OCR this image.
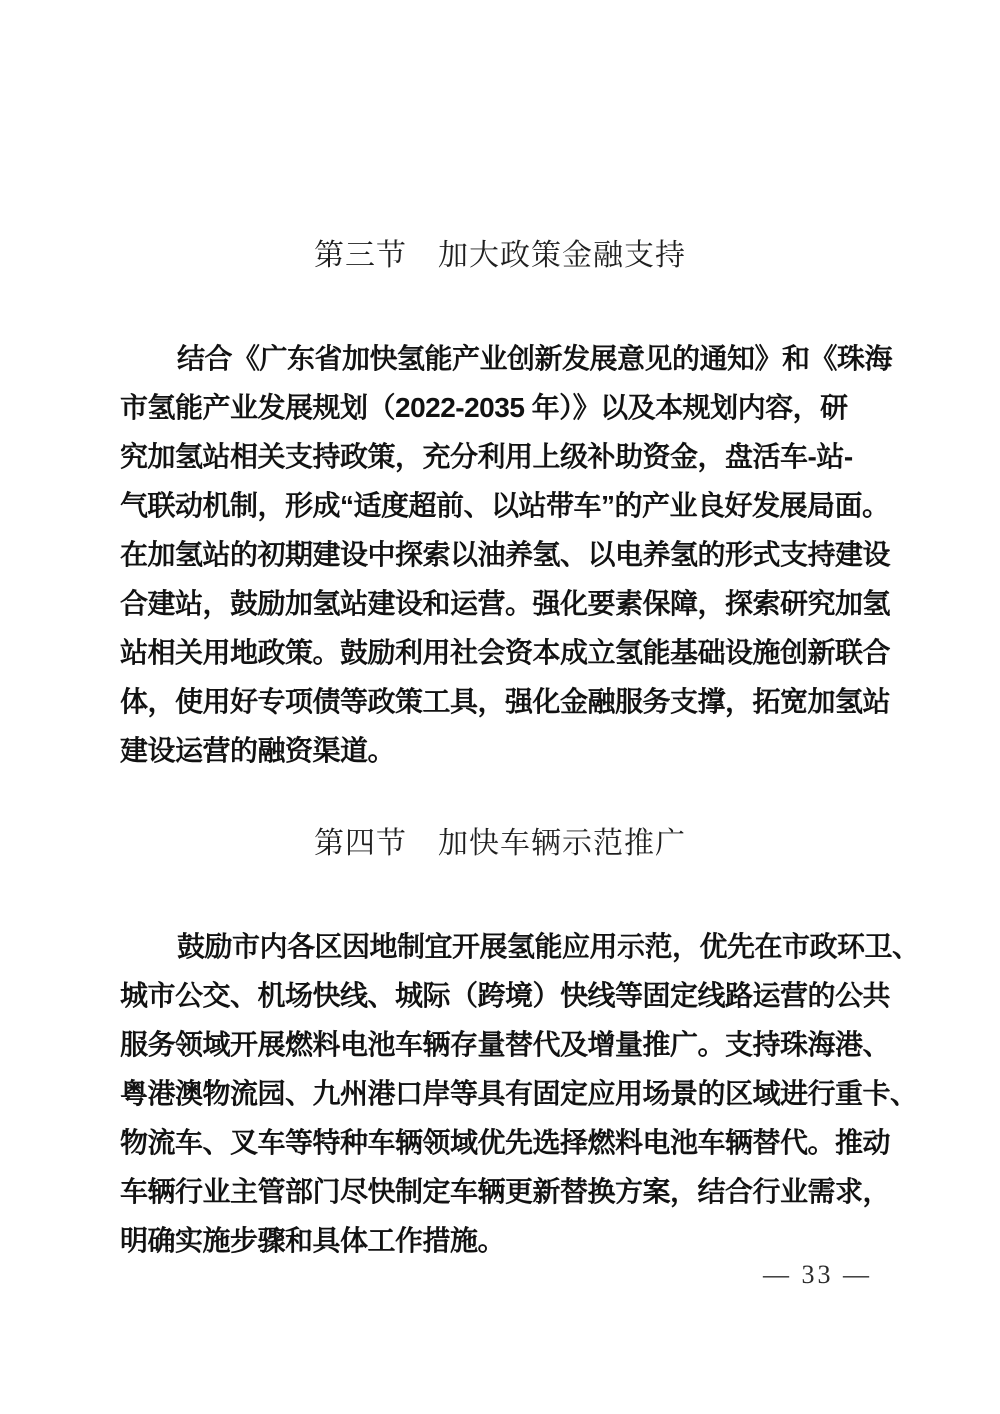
第三节　加大政策金融支持
结合《广东省加快氢能产业创新发展意见的通知》和《珠海
市氢能产业发展规划（2022-2035 年）》以及本规划内容，研
究加氢站相关支持政策，充分利用上级补助资金，盘活车-站-
气联动机制，形成“适度超前、以站带车”的产业良好发展局面。
在加氢站的初期建设中探索以油养氢、以电养氢的形式支持建设
合建站，鼓励加氢站建设和运营。强化要素保障，探索研究加氢
站相关用地政策。鼓励利用社会资本成立氢能基础设施创新联合
体，使用好专项债等政策工具，强化金融服务支撑，拓宽加氢站
建设运营的融资渠道。
第四节　加快车辆示范推广
鼓励市内各区因地制宜开展氢能应用示范，优先在市政环卫、
城市公交、机场快线、城际（跨境）快线等固定线路运营的公共
服务领域开展燃料电池车辆存量替代及增量推广。支持珠海港、
粤港澳物流园、九州港口岸等具有固定应用场景的区域进行重卡、
物流车、叉车等特种车辆领域优先选择燃料电池车辆替代。推动
车辆行业主管部门尽快制定车辆更新替换方案，结合行业需求，
明确实施步骤和具体工作措施。
— 33 —
